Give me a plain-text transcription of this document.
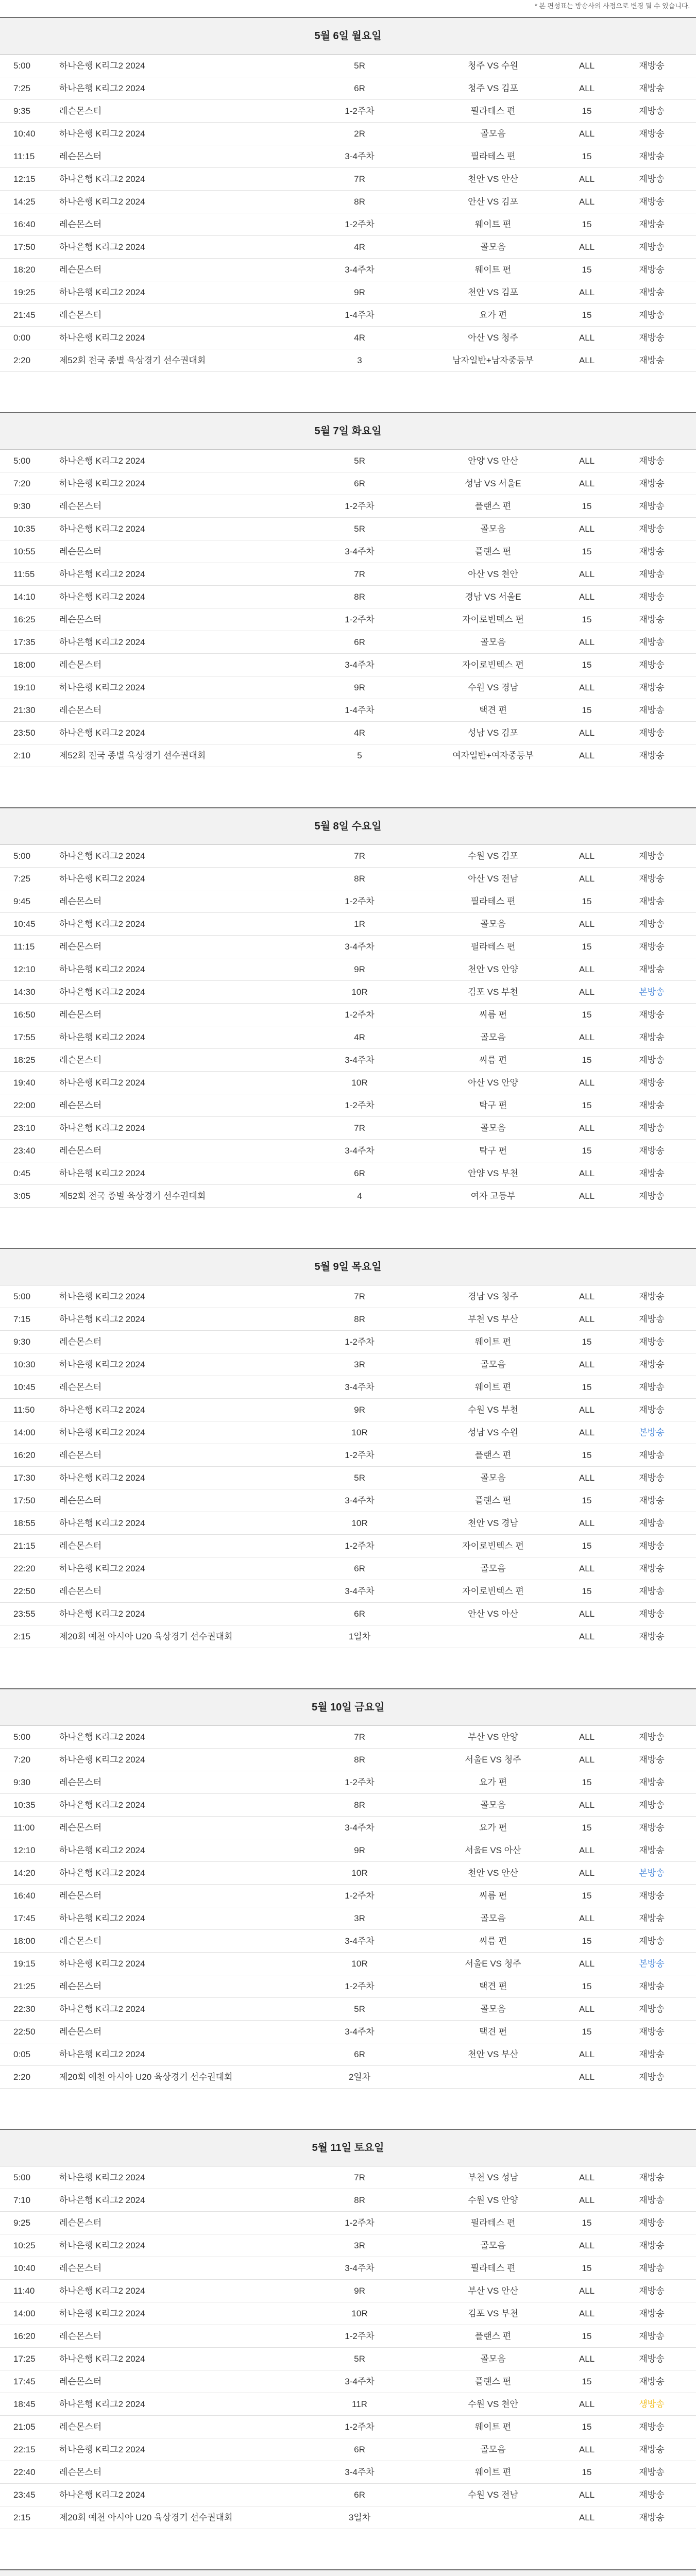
* 본 편성표는 방송사의 사정으로 변경 될 수 있습니다.
5월 6일 월요일
5:00	하나은행 K리그2 2024	5R	청주 VS 수원	ALL	재방송
7:25	하나은행 K리그2 2024	6R	청주 VS 김포	ALL	재방송
9:35	레슨몬스터	1-2주차	필라테스 편	15	재방송
10:40	하나은행 K리그2 2024	2R	골모음	ALL	재방송
11:15	레슨몬스터	3-4주차	필라테스 편	15	재방송
12:15	하나은행 K리그2 2024	7R	천안 VS 안산	ALL	재방송
14:25	하나은행 K리그2 2024	8R	안산 VS 김포	ALL	재방송
16:40	레슨몬스터	1-2주차	웨이트 편	15	재방송
17:50	하나은행 K리그2 2024	4R	골모음	ALL	재방송
18:20	레슨몬스터	3-4주차	웨이트 편	15	재방송
19:25	하나은행 K리그2 2024	9R	천안 VS 김포	ALL	재방송
21:45	레슨몬스터	1-4주차	요가 편	15	재방송
0:00	하나은행 K리그2 2024	4R	아산 VS 청주	ALL	재방송
2:20	제52회 전국 종별 육상경기 선수권대회	3	남자일반+남자중등부	ALL	재방송
5월 7일 화요일
5:00	하나은행 K리그2 2024	5R	안양 VS 안산	ALL	재방송
7:20	하나은행 K리그2 2024	6R	성남 VS 서울E	ALL	재방송
9:30	레슨몬스터	1-2주차	플랜스 편	15	재방송
10:35	하나은행 K리그2 2024	5R	골모음	ALL	재방송
10:55	레슨몬스터	3-4주차	플랜스 편	15	재방송
11:55	하나은행 K리그2 2024	7R	아산 VS 천안	ALL	재방송
14:10	하나은행 K리그2 2024	8R	경남 VS 서울E	ALL	재방송
16:25	레슨몬스터	1-2주차	자이로빈텍스 편	15	재방송
17:35	하나은행 K리그2 2024	6R	골모음	ALL	재방송
18:00	레슨몬스터	3-4주차	자이로빈텍스 편	15	재방송
19:10	하나은행 K리그2 2024	9R	수원 VS 경남	ALL	재방송
21:30	레슨몬스터	1-4주차	택견 편	15	재방송
23:50	하나은행 K리그2 2024	4R	성남 VS 김포	ALL	재방송
2:10	제52회 전국 종별 육상경기 선수권대회	5	여자일반+여자중등부	ALL	재방송
5월 8일 수요일
5:00	하나은행 K리그2 2024	7R	수원 VS 김포	ALL	재방송
7:25	하나은행 K리그2 2024	8R	아산 VS 전남	ALL	재방송
9:45	레슨몬스터	1-2주차	필라테스 편	15	재방송
10:45	하나은행 K리그2 2024	1R	골모음	ALL	재방송
11:15	레슨몬스터	3-4주차	필라테스 편	15	재방송
12:10	하나은행 K리그2 2024	9R	천안 VS 안양	ALL	재방송
14:30	하나은행 K리그2 2024	10R	김포 VS 부천	ALL	본방송
16:50	레슨몬스터	1-2주차	씨름 편	15	재방송
17:55	하나은행 K리그2 2024	4R	골모음	ALL	재방송
18:25	레슨몬스터	3-4주차	씨름 편	15	재방송
19:40	하나은행 K리그2 2024	10R	아산 VS 안양	ALL	재방송
22:00	레슨몬스터	1-2주차	탁구 편	15	재방송
23:10	하나은행 K리그2 2024	7R	골모음	ALL	재방송
23:40	레슨몬스터	3-4주차	탁구 편	15	재방송
0:45	하나은행 K리그2 2024	6R	안양 VS 부천	ALL	재방송
3:05	제52회 전국 종별 육상경기 선수권대회	4	여자 고등부	ALL	재방송
5월 9일 목요일
5:00	하나은행 K리그2 2024	7R	경남 VS 청주	ALL	재방송
7:15	하나은행 K리그2 2024	8R	부천 VS 부산	ALL	재방송
9:30	레슨몬스터	1-2주차	웨이트 편	15	재방송
10:30	하나은행 K리그2 2024	3R	골모음	ALL	재방송
10:45	레슨몬스터	3-4주차	웨이트 편	15	재방송
11:50	하나은행 K리그2 2024	9R	수원 VS 부천	ALL	재방송
14:00	하나은행 K리그2 2024	10R	성남 VS 수원	ALL	본방송
16:20	레슨몬스터	1-2주차	플랜스 편	15	재방송
17:30	하나은행 K리그2 2024	5R	골모음	ALL	재방송
17:50	레슨몬스터	3-4주차	플랜스 편	15	재방송
18:55	하나은행 K리그2 2024	10R	천안 VS 경남	ALL	재방송
21:15	레슨몬스터	1-2주차	자이로빈텍스 편	15	재방송
22:20	하나은행 K리그2 2024	6R	골모음	ALL	재방송
22:50	레슨몬스터	3-4주차	자이로빈텍스 편	15	재방송
23:55	하나은행 K리그2 2024	6R	안산 VS 아산	ALL	재방송
2:15	제20회 예천 아시아 U20 육상경기 선수권대회	1일차	ALL	재방송
5월 10일 금요일
5:00	하나은행 K리그2 2024	7R	부산 VS 안양	ALL	재방송
7:20	하나은행 K리그2 2024	8R	서울E VS 청주	ALL	재방송
9:30	레슨몬스터	1-2주차	요가 편	15	재방송
10:35	하나은행 K리그2 2024	8R	골모음	ALL	재방송
11:00	레슨몬스터	3-4주차	요가 편	15	재방송
12:10	하나은행 K리그2 2024	9R	서울E VS 아산	ALL	재방송
14:20	하나은행 K리그2 2024	10R	천안 VS 안산	ALL	본방송
16:40	레슨몬스터	1-2주차	씨름 편	15	재방송
17:45	하나은행 K리그2 2024	3R	골모음	ALL	재방송
18:00	레슨몬스터	3-4주차	씨름 편	15	재방송
19:15	하나은행 K리그2 2024	10R	서울E VS 청주	ALL	본방송
21:25	레슨몬스터	1-2주차	택견 편	15	재방송
22:30	하나은행 K리그2 2024	5R	골모음	ALL	재방송
22:50	레슨몬스터	3-4주차	택견 편	15	재방송
0:05	하나은행 K리그2 2024	6R	천안 VS 부산	ALL	재방송
2:20	제20회 예천 아시아 U20 육상경기 선수권대회	2일차	ALL	재방송
5월 11일 토요일
5:00	하나은행 K리그2 2024	7R	부천 VS 성남	ALL	재방송
7:10	하나은행 K리그2 2024	8R	수원 VS 안양	ALL	재방송
9:25	레슨몬스터	1-2주차	필라테스 편	15	재방송
10:25	하나은행 K리그2 2024	3R	골모음	ALL	재방송
10:40	레슨몬스터	3-4주차	필라테스 편	15	재방송
11:40	하나은행 K리그2 2024	9R	부산 VS 안산	ALL	재방송
14:00	하나은행 K리그2 2024	10R	김포 VS 부천	ALL	재방송
16:20	레슨몬스터	1-2주차	플랜스 편	15	재방송
17:25	하나은행 K리그2 2024	5R	골모음	ALL	재방송
17:45	레슨몬스터	3-4주차	플랜스 편	15	재방송
18:45	하나은행 K리그2 2024	11R	수원 VS 천안	ALL	생방송
21:05	레슨몬스터	1-2주차	웨이트 편	15	재방송
22:15	하나은행 K리그2 2024	6R	골모음	ALL	재방송
22:40	레슨몬스터	3-4주차	웨이트 편	15	재방송
23:45	하나은행 K리그2 2024	6R	수원 VS 전남	ALL	재방송
2:15	제20회 예천 아시아 U20 육상경기 선수권대회	3일차	ALL	재방송
